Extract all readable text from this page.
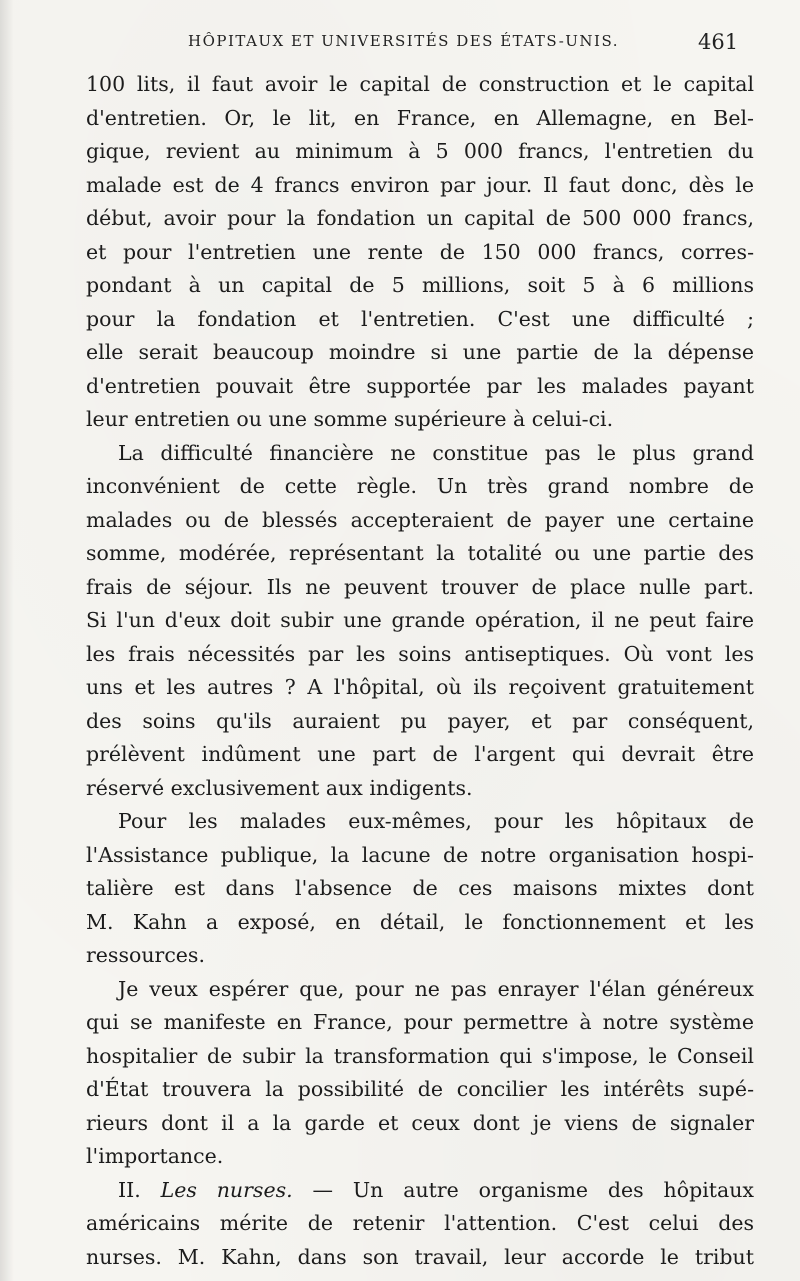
HÔPITAUX ET UNIVERSITÉS DES ÉTATS-UNIS.	461
100 lits, il faut avoir le capital de construction et le capital
d'entretien. Or, le lit, en France, en Allemagne, en Bel-
gique, revient au minimum à 5 000 francs, l'entretien du
malade est de 4 francs environ par jour. Il faut donc, dès le
début, avoir pour la fondation un capital de 500 000 francs,
et pour l'entretien une rente de 150 000 francs, corres-
pondant à un capital de 5 millions, soit 5 à 6 millions
pour la fondation et l'entretien. C'est une difficulté ;
elle serait beaucoup moindre si une partie de la dépense
d'entretien pouvait être supportée par les malades payant
leur entretien ou une somme supérieure à celui-ci.
La difficulté financière ne constitue pas le plus grand
inconvénient de cette règle. Un très grand nombre de
malades ou de blessés accepteraient de payer une certaine
somme, modérée, représentant la totalité ou une partie des
frais de séjour. Ils ne peuvent trouver de place nulle part.
Si l'un d'eux doit subir une grande opération, il ne peut faire
les frais nécessités par les soins antiseptiques. Où vont les
uns et les autres ? A l'hôpital, où ils reçoivent gratuitement
des soins qu'ils auraient pu payer, et par conséquent,
prélèvent indûment une part de l'argent qui devrait être
réservé exclusivement aux indigents.
Pour les malades eux-mêmes, pour les hôpitaux de
l'Assistance publique, la lacune de notre organisation hospi-
talière est dans l'absence de ces maisons mixtes dont
M. Kahn a exposé, en détail, le fonctionnement et les
ressources.
Je veux espérer que, pour ne pas enrayer l'élan généreux
qui se manifeste en France, pour permettre à notre système
hospitalier de subir la transformation qui s'impose, le Conseil
d'État trouvera la possibilité de concilier les intérêts supé-
rieurs dont il a la garde et ceux dont je viens de signaler
l'importance.
II. Les nurses. — Un autre organisme des hôpitaux
américains mérite de retenir l'attention. C'est celui des
nurses. M. Kahn, dans son travail, leur accorde le tribut
